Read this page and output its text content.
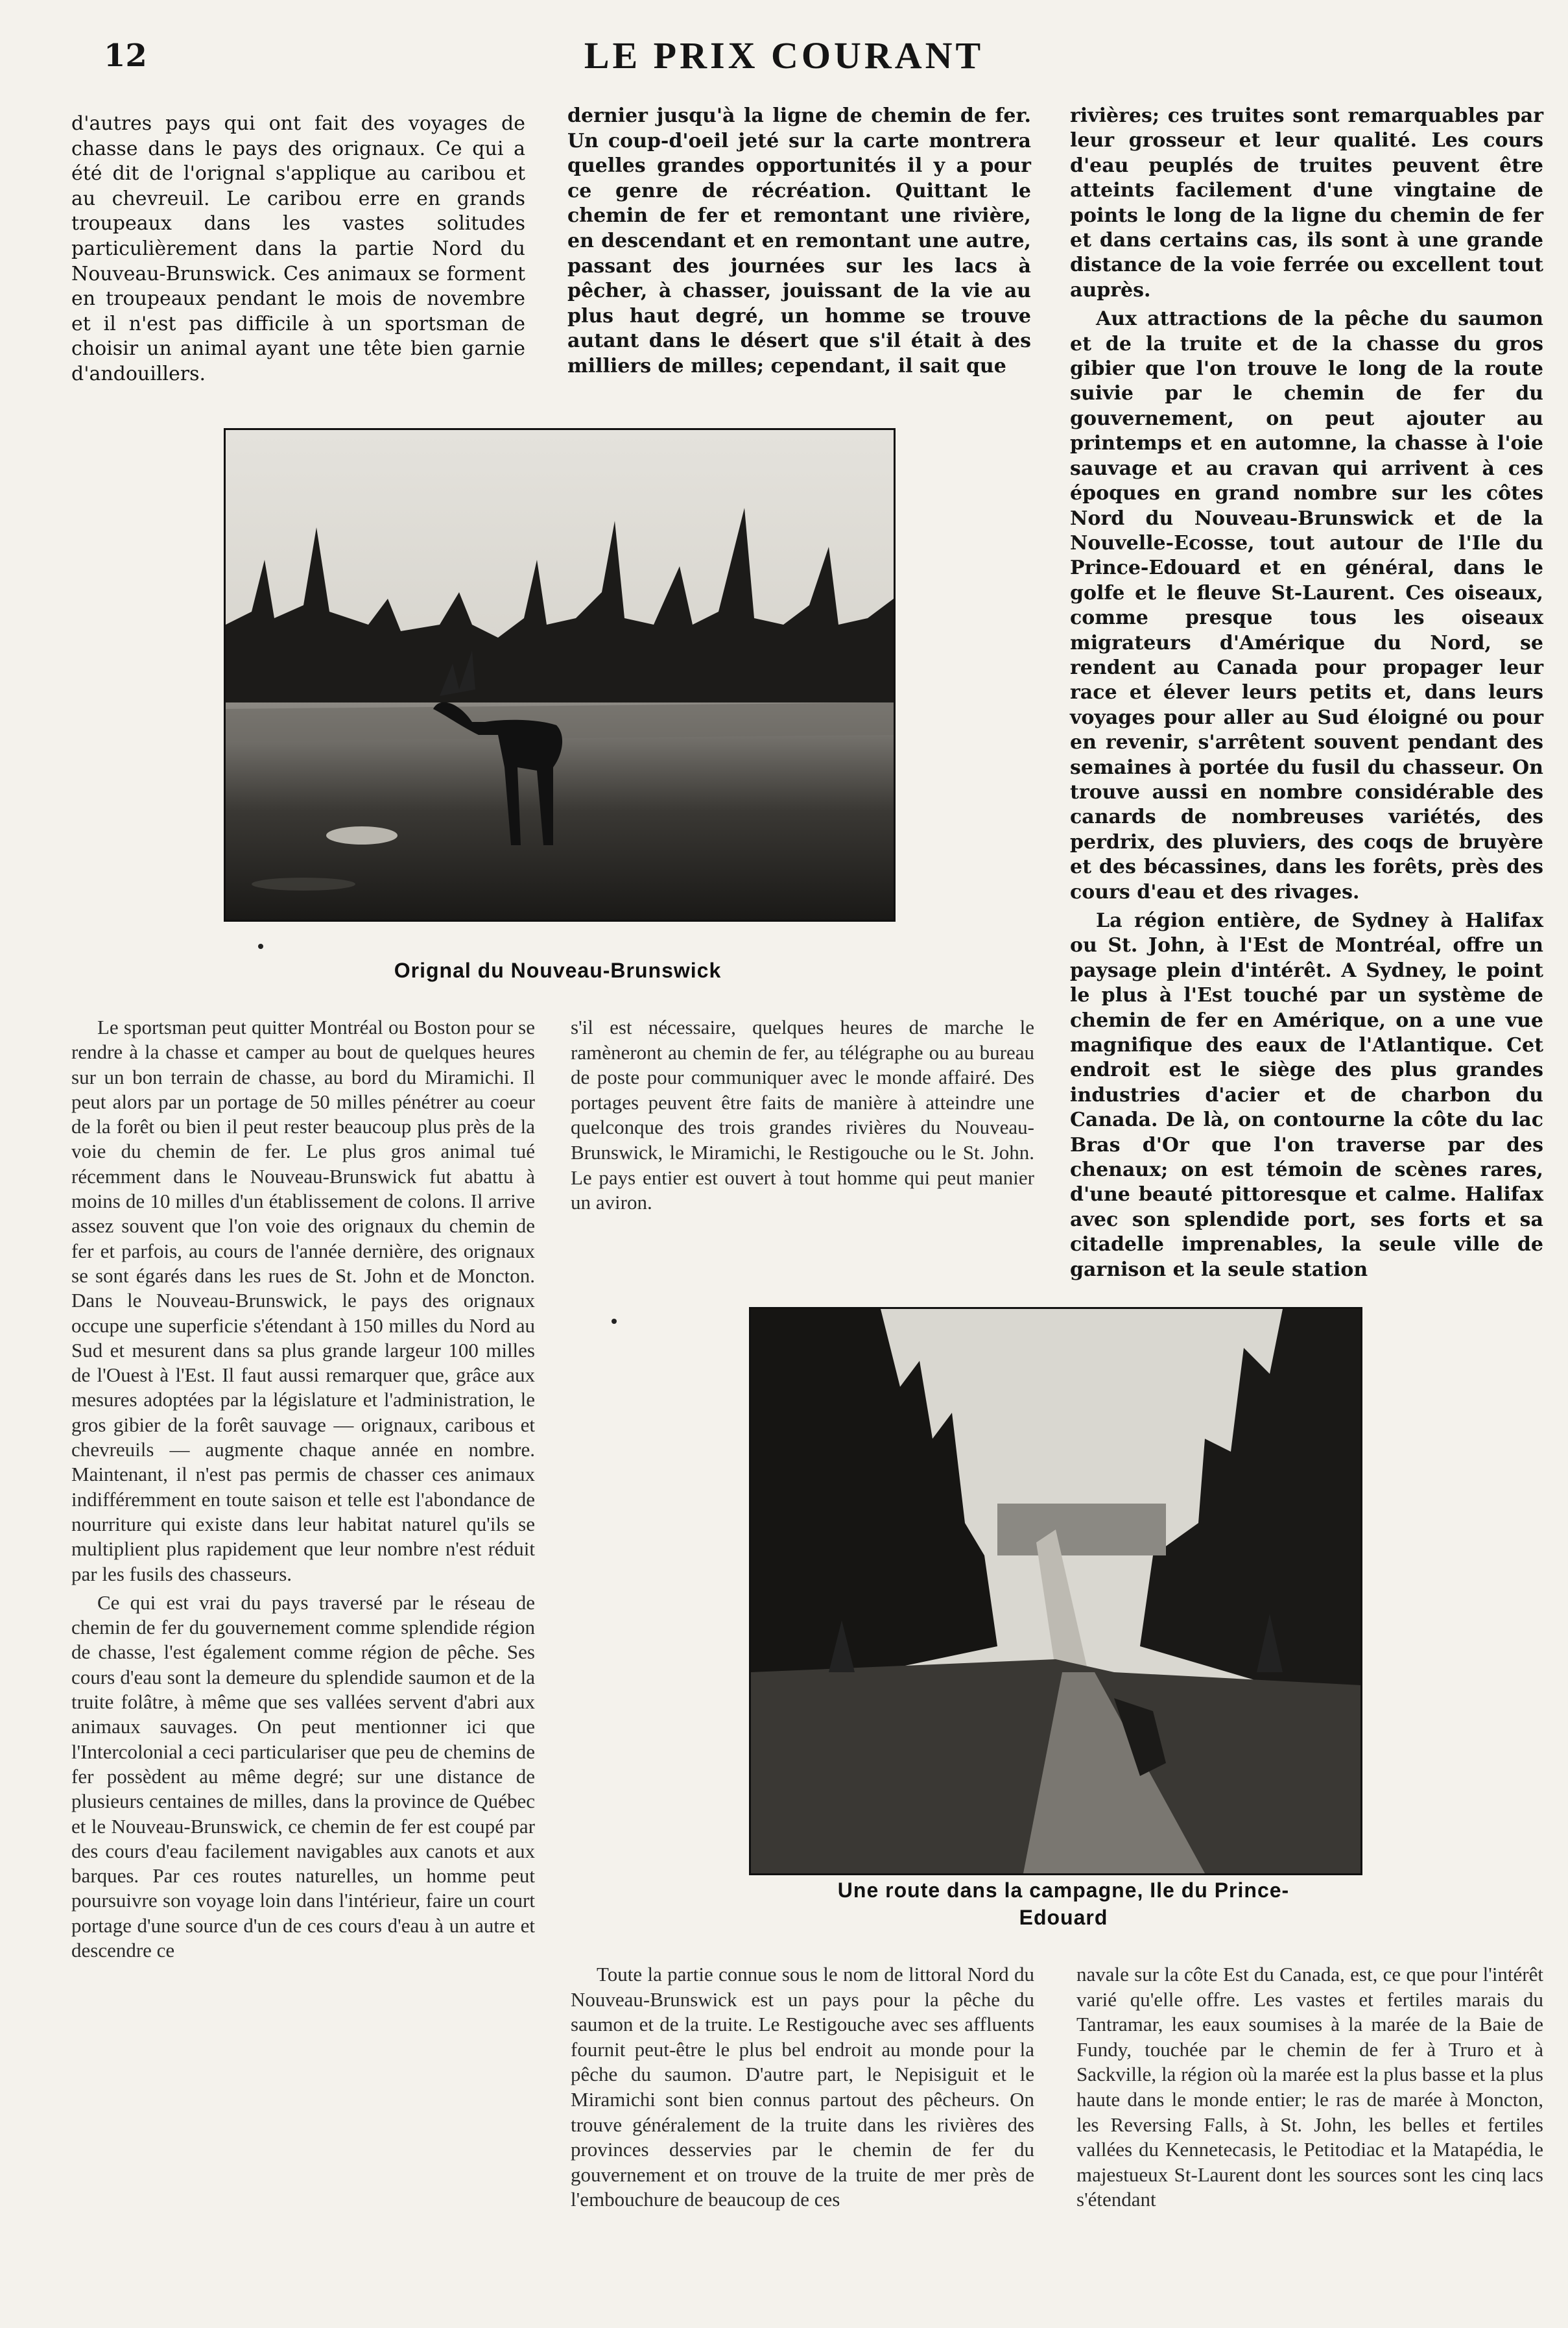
12	LE PRIX COURANT

d'autres pays qui ont fait des voyages de chasse dans le pays des orignaux. Ce qui a été dit de l'orignal s'applique au caribou et au chevreuil. Le caribou erre en grands troupeaux dans les vastes solitudes particulièrement dans la partie Nord du Nouveau-Brunswick. Ces animaux se forment en troupeaux pendant le mois de novembre et il n'est pas difficile à un sportsman de choisir un animal ayant une tête bien garnie d'andouillers.

dernier jusqu'à la ligne de chemin de fer. Un coup-d'oeil jeté sur la carte montrera quelles grandes opportunités il y a pour ce genre de récréation. Quittant le chemin de fer et remontant une rivière, en descendant et en remontant une autre, passant des journées sur les lacs à pêcher, à chasser, jouissant de la vie au plus haut degré, un homme se trouve autant dans le désert que s'il était à des milliers de milles; cependant, il sait que

rivières; ces truites sont remarquables par leur grosseur et leur qualité. Les cours d'eau peuplés de truites peuvent être atteints facilement d'une vingtaine de points le long de la ligne du chemin de fer et dans certains cas, ils sont à une grande distance de la voie ferrée ou excellent tout auprès.

Aux attractions de la pêche du saumon et de la truite et de la chasse du gros gibier que l'on trouve le long de la route suivie par le chemin de fer du gouvernement, on peut ajouter au printemps et en automne, la chasse à l'oie sauvage et au cravan qui arrivent à ces époques en grand nombre sur les côtes Nord du Nouveau-Brunswick et de la Nouvelle-Ecosse, tout autour de l'Ile du Prince-Edouard et en général, dans le golfe et le fleuve St-Laurent. Ces oiseaux, comme presque tous les oiseaux migrateurs d'Amérique du Nord, se rendent au Canada pour propager leur race et élever leurs petits et, dans leurs voyages pour aller au Sud éloigné ou pour en revenir, s'arrêtent souvent pendant des semaines à portée du fusil du chasseur. On trouve aussi en nombre considérable des canards de nombreuses variétés, des perdrix, des pluviers, des coqs de bruyère et des bécassines, dans les forêts, près des cours d'eau et des rivages.

La région entière, de Sydney à Halifax ou St. John, à l'Est de Montréal, offre un paysage plein d'intérêt. A Sydney, le point le plus à l'Est touché par un système de chemin de fer en Amérique, on a une vue magnifique des eaux de l'Atlantique. Cet endroit est le siège des plus grandes industries d'acier et de charbon du Canada. De là, on contourne la côte du lac Bras d'Or que l'on traverse par des chenaux; on est témoin de scènes rares, d'une beauté pittoresque et calme. Halifax avec son splendide port, ses forts et sa citadelle imprenables, la seule ville de garnison et la seule station

Orignal du Nouveau-Brunswick

Le sportsman peut quitter Montréal ou Boston pour se rendre à la chasse et camper au bout de quelques heures sur un bon terrain de chasse, au bord du Miramichi. Il peut alors par un portage de 50 milles pénétrer au coeur de la forêt ou bien il peut rester beaucoup plus près de la voie du chemin de fer. Le plus gros animal tué récemment dans le Nouveau-Brunswick fut abattu à moins de 10 milles d'un établissement de colons. Il arrive assez souvent que l'on voie des orignaux du chemin de fer et parfois, au cours de l'année dernière, des orignaux se sont égarés dans les rues de St. John et de Moncton. Dans le Nouveau-Brunswick, le pays des orignaux occupe une superficie s'étendant à 150 milles du Nord au Sud et mesurent dans sa plus grande largeur 100 milles de l'Ouest à l'Est. Il faut aussi remarquer que, grâce aux mesures adoptées par la législature et l'administration, le gros gibier de la forêt sauvage — orignaux, caribous et chevreuils — augmente chaque année en nombre. Maintenant, il n'est pas permis de chasser ces animaux indifféremment en toute saison et telle est l'abondance de nourriture qui existe dans leur habitat naturel qu'ils se multiplient plus rapidement que leur nombre n'est réduit par les fusils des chasseurs.

Ce qui est vrai du pays traversé par le réseau de chemin de fer du gouvernement comme splendide région de chasse, l'est également comme région de pêche. Ses cours d'eau sont la demeure du splendide saumon et de la truite folâtre, à même que ses vallées servent d'abri aux animaux sauvages. On peut mentionner ici que l'Intercolonial a ceci particulariser que peu de chemins de fer possèdent au même degré; sur une distance de plusieurs centaines de milles, dans la province de Québec et le Nouveau-Brunswick, ce chemin de fer est coupé par des cours d'eau facilement navigables aux canots et aux barques. Par ces routes naturelles, un homme peut poursuivre son voyage loin dans l'intérieur, faire un court portage d'une source d'un de ces cours d'eau à un autre et descendre ce

s'il est nécessaire, quelques heures de marche le ramèneront au chemin de fer, au télégraphe ou au bureau de poste pour communiquer avec le monde affairé. Des portages peuvent être faits de manière à atteindre une quelconque des trois grandes rivières du Nouveau-Brunswick, le Miramichi, le Restigouche ou le St. John. Le pays entier est ouvert à tout homme qui peut manier un aviron.

Une route dans la campagne, Ile du Prince-Edouard

Toute la partie connue sous le nom de littoral Nord du Nouveau-Brunswick est un pays pour la pêche du saumon et de la truite. Le Restigouche avec ses affluents fournit peut-être le plus bel endroit au monde pour la pêche du saumon. D'autre part, le Nepisiguit et le Miramichi sont bien connus partout des pêcheurs. On trouve généralement de la truite dans les rivières des provinces desservies par le chemin de fer du gouvernement et on trouve de la truite de mer près de l'embouchure de beaucoup de ces

navale sur la côte Est du Canada, est, ce que pour l'intérêt varié qu'elle offre. Les vastes et fertiles marais du Tantramar, les eaux soumises à la marée de la Baie de Fundy, touchée par le chemin de fer à Truro et à Sackville, la région où la marée est la plus basse et la plus haute dans le monde entier; le ras de marée à Moncton, les Reversing Falls, à St. John, les belles et fertiles vallées du Kennetecasis, le Petitodiac et la Matapédia, le majestueux St-Laurent dont les sources sont les cinq lacs s'étendant
